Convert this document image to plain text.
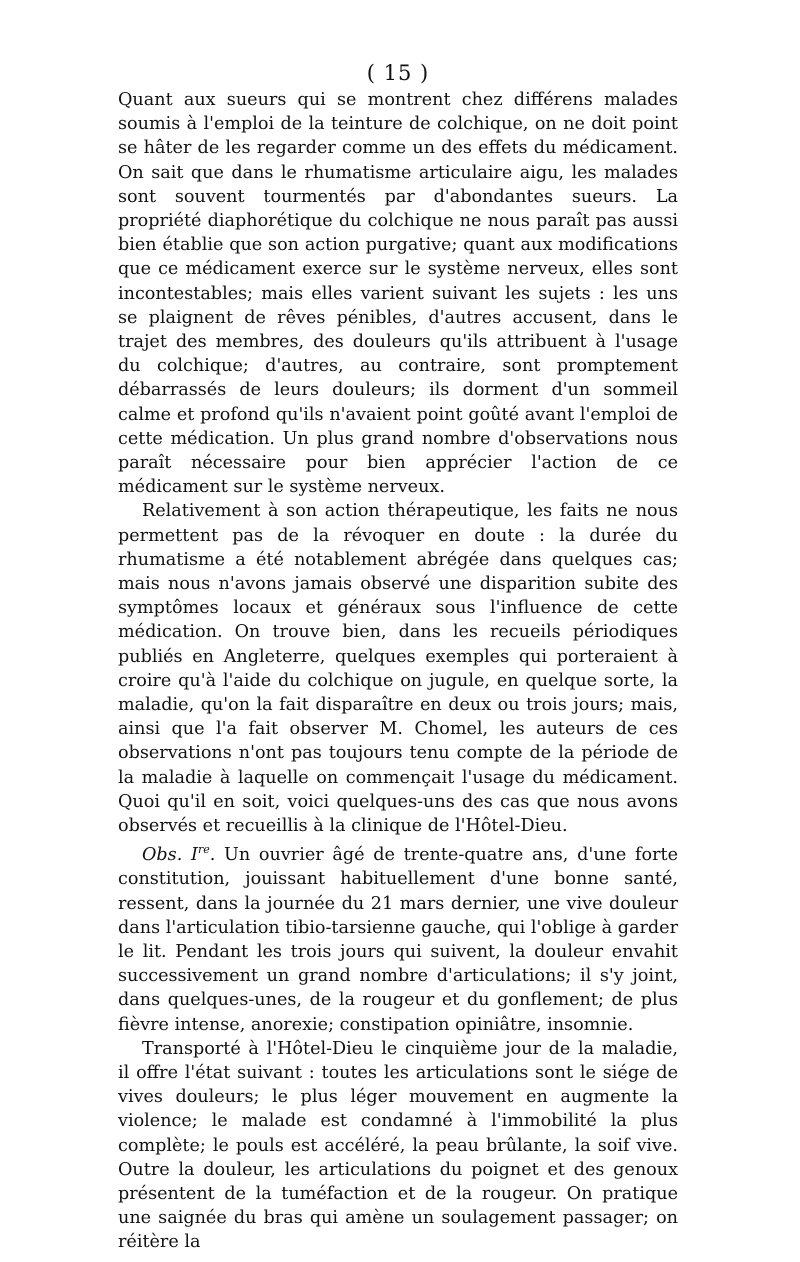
( 15 )

Quant aux sueurs qui se montrent chez différens malades soumis à l'emploi de la teinture de colchique, on ne doit point se hâter de les regarder comme un des effets du médicament. On sait que dans le rhumatisme articulaire aigu, les malades sont souvent tourmentés par d'abondantes sueurs. La propriété diaphorétique du colchique ne nous paraît pas aussi bien établie que son action purgative; quant aux modifications que ce médicament exerce sur le système nerveux, elles sont incontestables; mais elles varient suivant les sujets : les uns se plaignent de rêves pénibles, d'autres accusent, dans le trajet des membres, des douleurs qu'ils attribuent à l'usage du colchique; d'autres, au contraire, sont promptement débarrassés de leurs douleurs; ils dorment d'un sommeil calme et profond qu'ils n'avaient point goûté avant l'emploi de cette médication. Un plus grand nombre d'observations nous paraît nécessaire pour bien apprécier l'action de ce médicament sur le système nerveux.

Relativement à son action thérapeutique, les faits ne nous permettent pas de la révoquer en doute : la durée du rhumatisme a été notablement abrégée dans quelques cas; mais nous n'avons jamais observé une disparition subite des symptômes locaux et généraux sous l'influence de cette médication. On trouve bien, dans les recueils périodiques publiés en Angleterre, quelques exemples qui porteraient à croire qu'à l'aide du colchique on jugule, en quelque sorte, la maladie, qu'on la fait disparaître en deux ou trois jours; mais, ainsi que l'a fait observer M. Chomel, les auteurs de ces observations n'ont pas toujours tenu compte de la période de la maladie à laquelle on commençait l'usage du médicament. Quoi qu'il en soit, voici quelques-uns des cas que nous avons observés et recueillis à la clinique de l'Hôtel-Dieu.

Obs. Ire. Un ouvrier âgé de trente-quatre ans, d'une forte constitution, jouissant habituellement d'une bonne santé, ressent, dans la journée du 21 mars dernier, une vive douleur dans l'articulation tibio-tarsienne gauche, qui l'oblige à garder le lit. Pendant les trois jours qui suivent, la douleur envahit successivement un grand nombre d'articulations; il s'y joint, dans quelques-unes, de la rougeur et du gonflement; de plus fièvre intense, anorexie; constipation opiniâtre, insomnie.

Transporté à l'Hôtel-Dieu le cinquième jour de la maladie, il offre l'état suivant : toutes les articulations sont le siége de vives douleurs; le plus léger mouvement en augmente la violence; le malade est condamné à l'immobilité la plus complète; le pouls est accéléré, la peau brûlante, la soif vive. Outre la douleur, les articulations du poignet et des genoux présentent de la tuméfaction et de la rougeur. On pratique une saignée du bras qui amène un soulagement passager; on réitère la
